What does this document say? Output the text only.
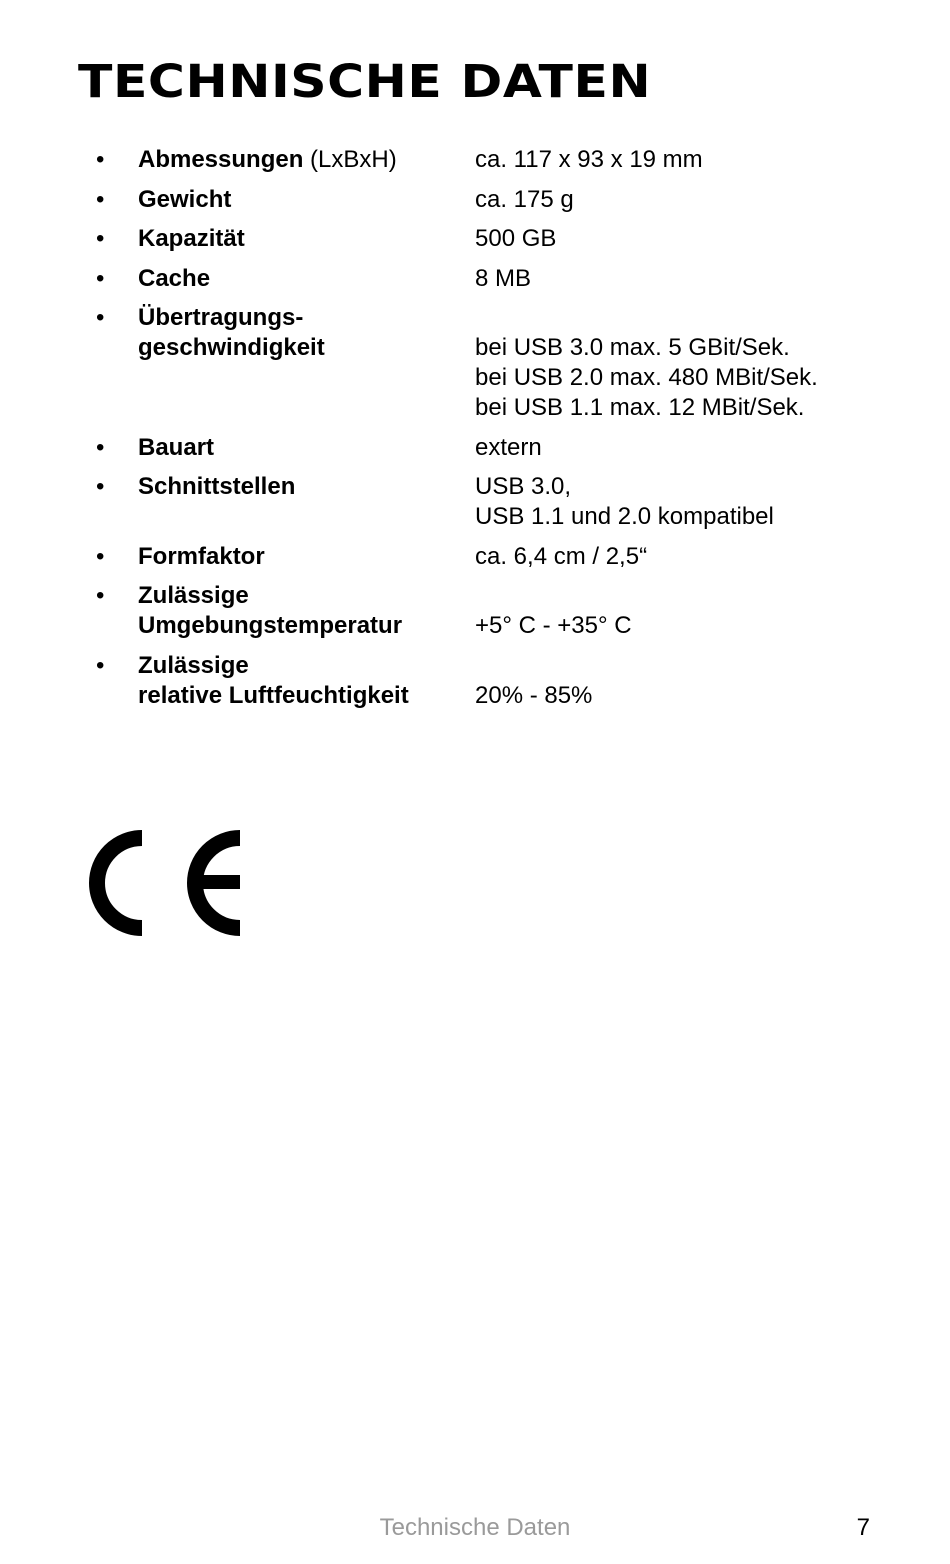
TECHNISCHE DATEN
•	Abmessungen (LxBxH)	ca. 117 x 93 x 19 mm
•	Gewicht	ca. 175 g
•	Kapazität	500 GB
•	Cache	8 MB
•	Übertragungs-
geschwindigkeit
	bei USB 3.0 max. 5 GBit/Sek.
bei USB 2.0 max. 480 MBit/Sek.
bei USB 1.1 max. 12 MBit/Sek.
•	Bauart	extern
•	Schnittstellen	USB 3.0,
USB 1.1 und 2.0 kompatibel
•	Formfaktor	ca. 6,4 cm / 2,5“
•	Zulässige
Umgebungstemperatur
	+5° C - +35° C
•	Zulässige
relative Luftfeuchtigkeit
	20% - 85%
Technische Daten	7
